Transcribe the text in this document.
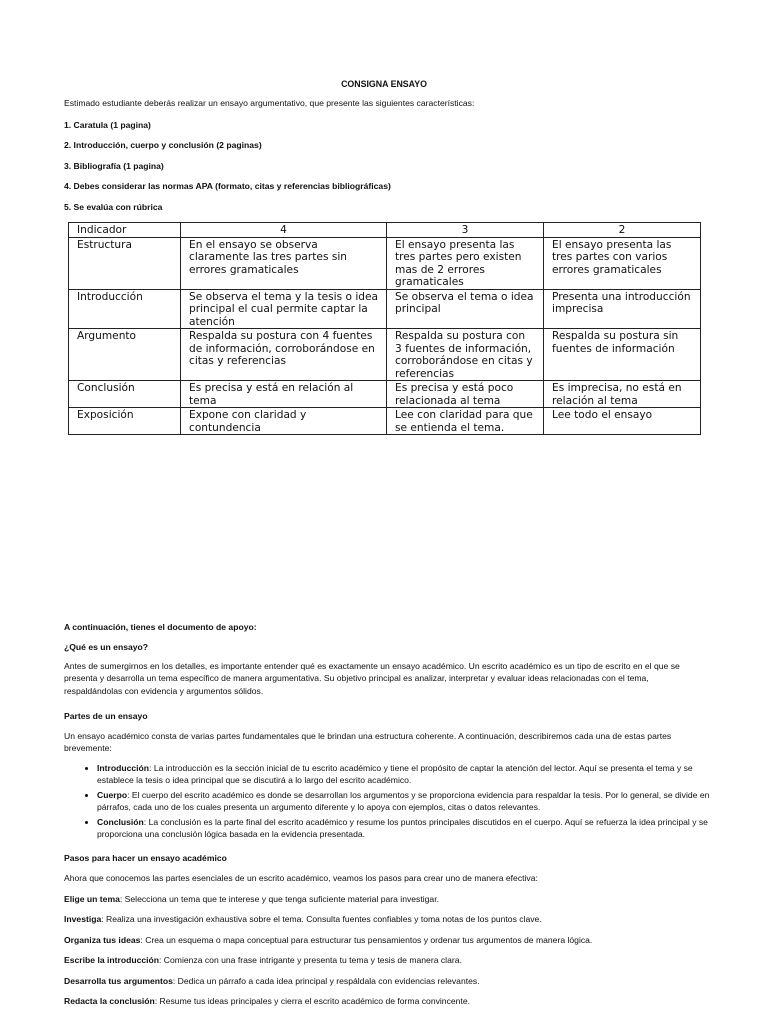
CONSIGNA ENSAYO
Estimado estudiante deberás realizar un ensayo argumentativo, que presente las siguientes características:
1. Caratula (1 pagina)
2. Introducción, cuerpo y conclusión (2 paginas)
3. Bibliografía (1 pagina)
4. Debes considerar las normas APA (formato, citas y referencias bibliográficas)
5. Se evalúa con rúbrica
Indicador	4	3	2
Estructura	En el ensayo se observa claramente las tres partes sin errores gramaticales	El ensayo presenta las tres partes pero existen mas de 2 errores gramaticales	El ensayo presenta las tres partes con varios errores gramaticales
Introducción	Se observa el tema y la tesis o idea principal el cual permite captar la atención	Se observa el tema o idea principal	Presenta una introducción imprecisa
Argumento	Respalda su postura con 4 fuentes de información, corroborándose en citas y referencias	Respalda su postura con 3 fuentes de información, corroborándose en citas y referencias	Respalda su postura sin fuentes de información
Conclusión	Es precisa y está en relación al tema	Es precisa y está poco relacionada al tema	Es imprecisa, no está en relación al tema
Exposición	Expone con claridad y contundencia	Lee con claridad para que se entienda el tema.	Lee todo el ensayo
A continuación, tienes el documento de apoyo:
¿Qué es un ensayo?
Antes de sumergirnos en los detalles, es importante entender qué es exactamente un ensayo académico. Un escrito académico es un tipo de escrito en el que se presenta y desarrolla un tema específico de manera argumentativa. Su objetivo principal es analizar, interpretar y evaluar ideas relacionadas con el tema, respaldándolas con evidencia y argumentos sólidos.
Partes de un ensayo
Un ensayo académico consta de varias partes fundamentales que le brindan una estructura coherente. A continuación, describiremos cada una de estas partes brevemente:
• Introducción: La introducción es la sección inicial de tu escrito académico y tiene el propósito de captar la atención del lector. Aquí se presenta el tema y se establece la tesis o idea principal que se discutirá a lo largo del escrito académico.
• Cuerpo: El cuerpo del escrito académico es donde se desarrollan los argumentos y se proporciona evidencia para respaldar la tesis. Por lo general, se divide en párrafos, cada uno de los cuales presenta un argumento diferente y lo apoya con ejemplos, citas o datos relevantes.
• Conclusión: La conclusión es la parte final del escrito académico y resume los puntos principales discutidos en el cuerpo. Aquí se refuerza la idea principal y se proporciona una conclusión lógica basada en la evidencia presentada.
Pasos para hacer un ensayo académico
Ahora que conocemos las partes esenciales de un escrito académico, veamos los pasos para crear uno de manera efectiva:
Elige un tema: Selecciona un tema que te interese y que tenga suficiente material para investigar.
Investiga: Realiza una investigación exhaustiva sobre el tema. Consulta fuentes confiables y toma notas de los puntos clave.
Organiza tus ideas: Crea un esquema o mapa conceptual para estructurar tus pensamientos y ordenar tus argumentos de manera lógica.
Escribe la introducción: Comienza con una frase intrigante y presenta tu tema y tesis de manera clara.
Desarrolla tus argumentos: Dedica un párrafo a cada idea principal y respáldala con evidencias relevantes.
Redacta la conclusión: Resume tus ideas principales y cierra el escrito académico de forma convincente.
